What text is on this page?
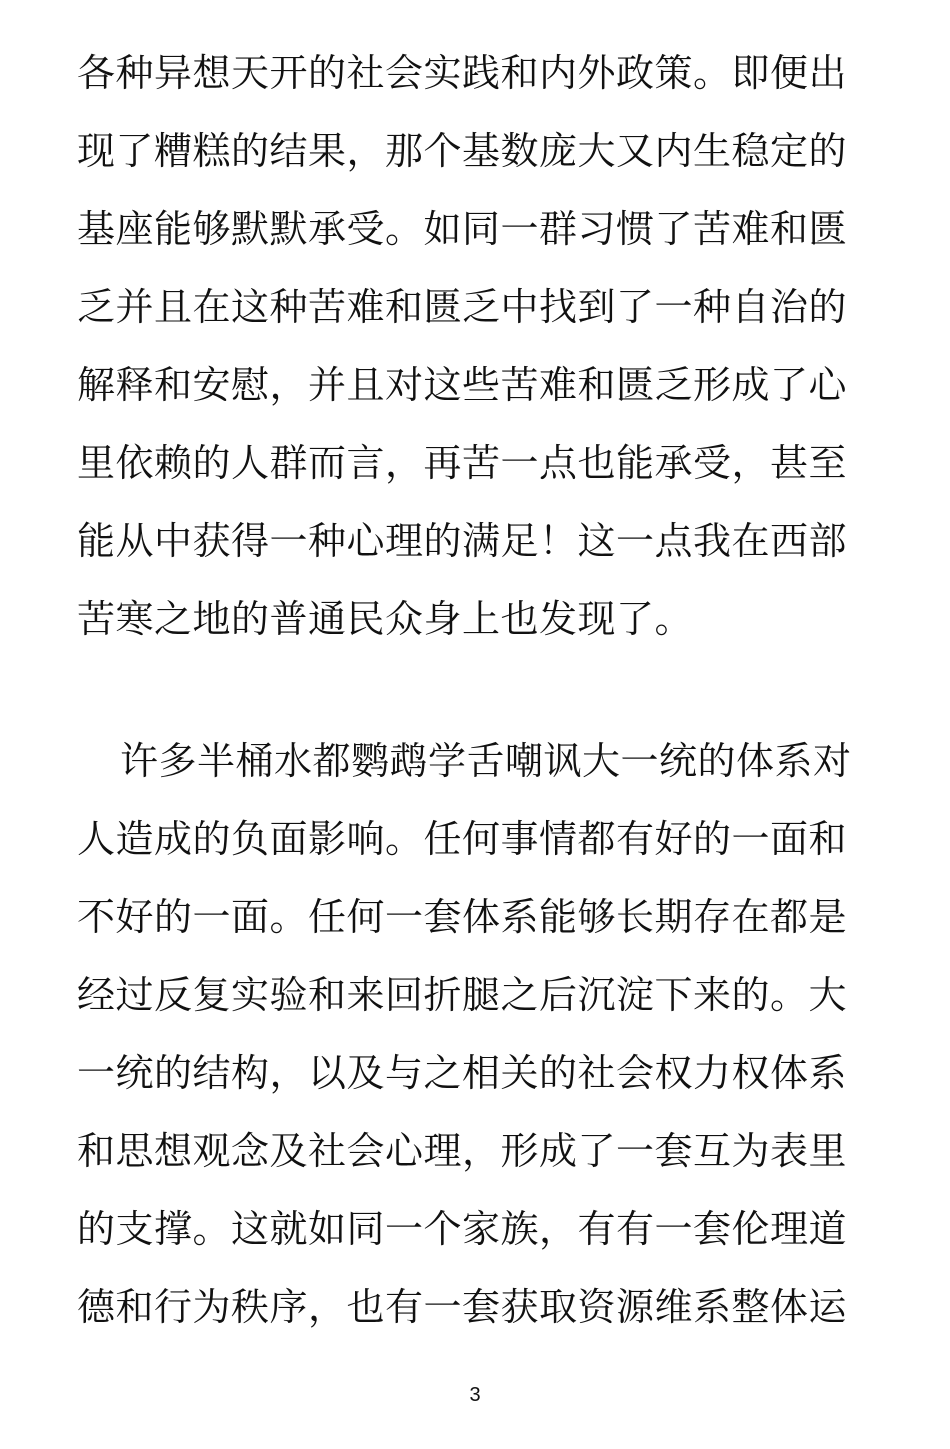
各种异想天开的社会实践和内外政策。即便出
现了糟糕的结果，那个基数庞大又内生稳定的
基座能够默默承受。如同一群习惯了苦难和匮
乏并且在这种苦难和匮乏中找到了一种自治的
解释和安慰，并且对这些苦难和匮乏形成了心
里依赖的人群而言，再苦一点也能承受，甚至
能从中获得一种心理的满足！这一点我在西部
苦寒之地的普通民众身上也发现了。
许多半桶水都鹦鹉学舌嘲讽大一统的体系对
人造成的负面影响。任何事情都有好的一面和
不好的一面。任何一套体系能够长期存在都是
经过反复实验和来回折腿之后沉淀下来的。大
一统的结构，以及与之相关的社会权力权体系
和思想观念及社会心理，形成了一套互为表里
的支撑。这就如同一个家族，有有一套伦理道
德和行为秩序，也有一套获取资源维系整体运
3
